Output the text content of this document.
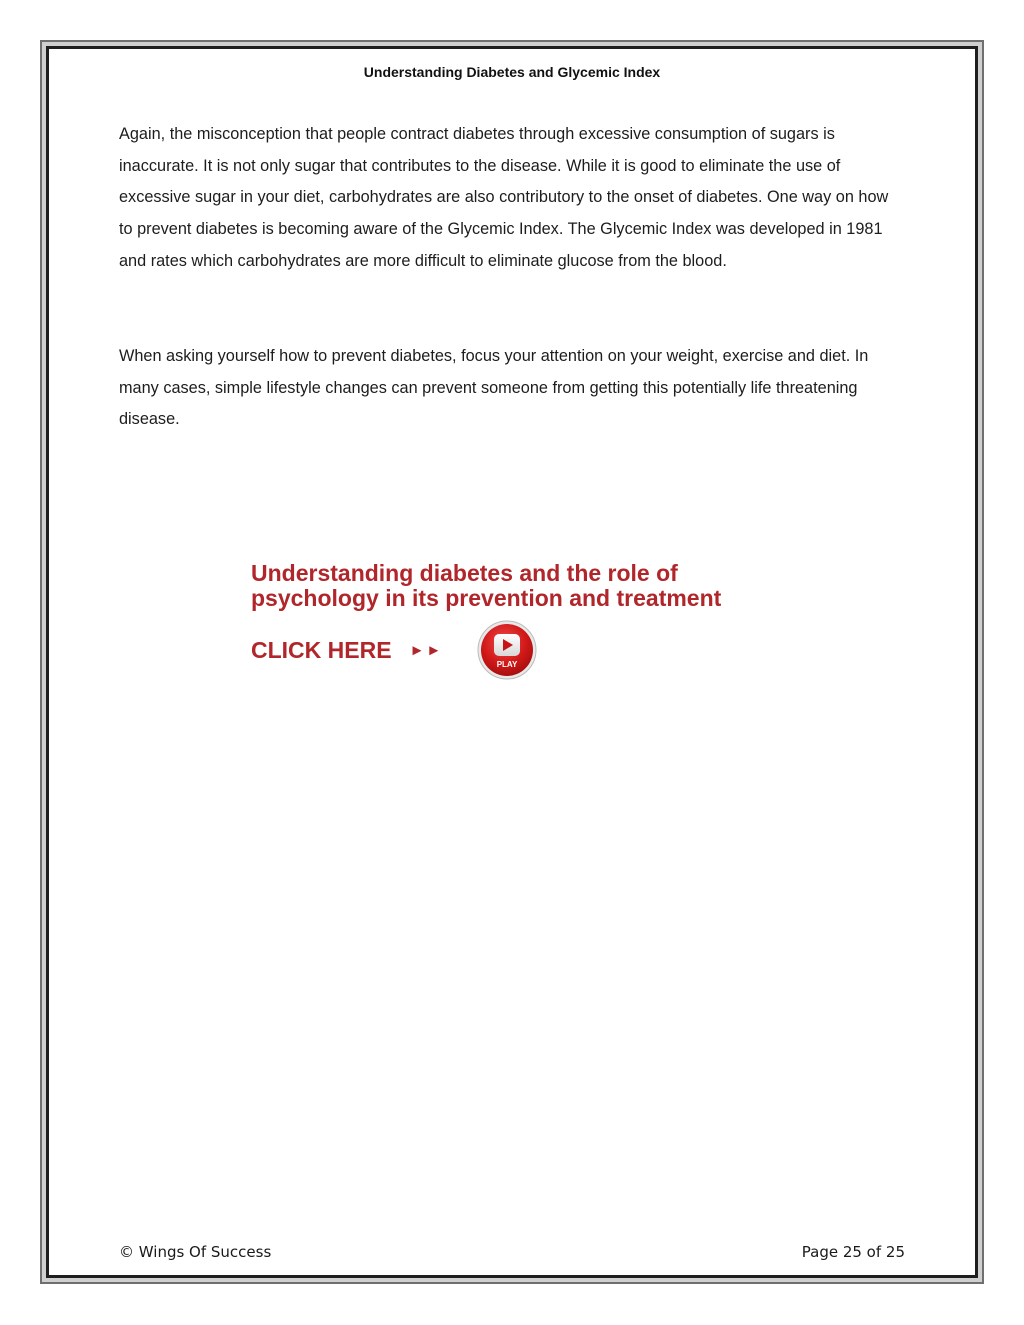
Understanding Diabetes and Glycemic Index

Again, the misconception that people contract diabetes through excessive consumption of sugars is inaccurate. It is not only sugar that contributes to the disease. While it is good to eliminate the use of excessive sugar in your diet, carbohydrates are also contributory to the onset of diabetes. One way on how to prevent diabetes is becoming aware of the Glycemic Index. The Glycemic Index was developed in 1981 and rates which carbohydrates are more difficult to eliminate glucose from the blood.

When asking yourself how to prevent diabetes, focus your attention on your weight, exercise and diet. In many cases, simple lifestyle changes can prevent someone from getting this potentially life threatening disease.

Understanding diabetes and the role of
psychology in its prevention and treatment

CLICK HERE ►►
PLAY
© Wings Of Success	Page 25 of 25
